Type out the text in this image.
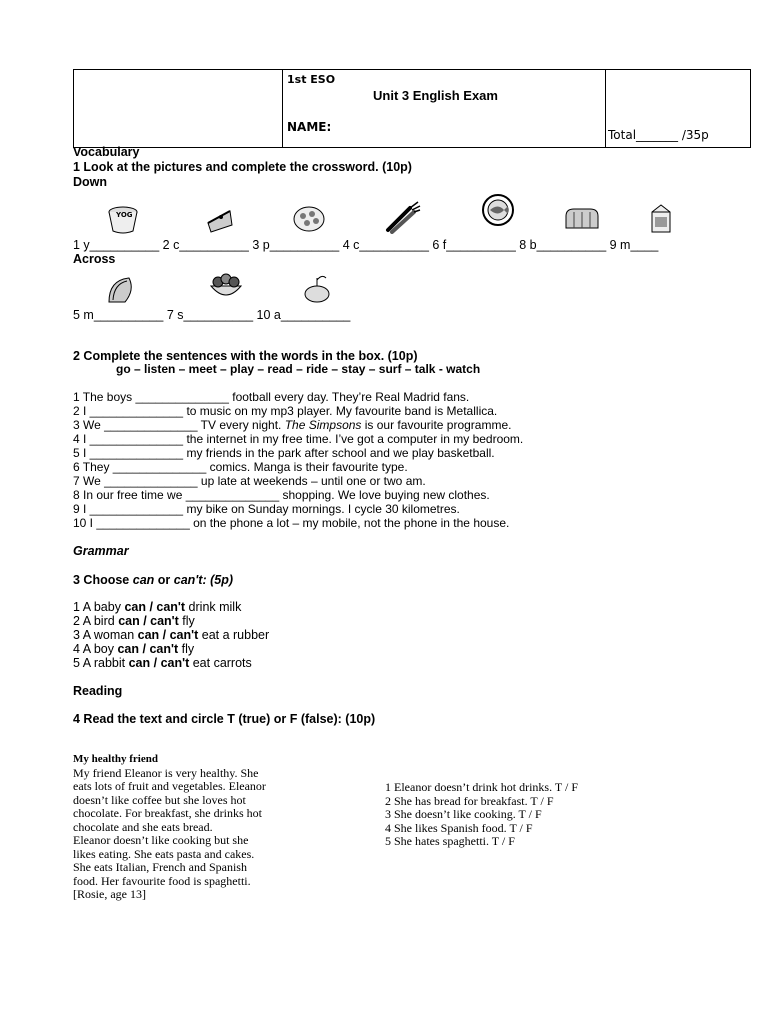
1st ESO
Unit 3 English Exam
NAME:
Total_______ /35p
Vocabulary
1 Look at the pictures and complete the crossword. (10p)
Down
YOG
1 y__________ 2 c__________ 3 p__________ 4 c__________ 6 f__________ 8 b__________ 9 m____
Across
5 m__________ 7 s__________ 10 a__________
2 Complete the sentences with the words in the box. (10p)
go – listen – meet – play – read – ride – stay – surf – talk - watch
1 The boys ______________ football every day. They’re Real Madrid fans.
2 I ______________ to music on my mp3 player. My favourite band is Metallica.
3 We ______________ TV every night. The Simpsons is our favourite programme.
4 I ______________ the internet in my free time. I’ve got a computer in my bedroom.
5 I ______________ my friends in the park after school and we play basketball.
6 They ______________ comics. Manga is their favourite type.
7 We ______________ up late at weekends – until one or two am.
8 In our free time we ______________ shopping. We love buying new clothes.
9 I ______________ my bike on Sunday mornings. I cycle 30 kilometres.
10 I ______________ on the phone a lot – my mobile, not the phone in the house.
Grammar
3 Choose can or can't: (5p)
1 A baby can / can't drink milk
2 A bird can / can't fly
3 A woman can / can't eat a rubber
4 A boy can / can't fly
5 A rabbit can / can't eat carrots
Reading
4 Read the text and circle T (true) or F (false): (10p)
My healthy friend
My friend Eleanor is very healthy. She
eats lots of fruit and vegetables. Eleanor
doesn’t like coffee but she loves hot
chocolate. For breakfast, she drinks hot
chocolate and she eats bread.
Eleanor doesn’t like cooking but she
likes eating. She eats pasta and cakes.
She eats Italian, French and Spanish
food. Her favourite food is spaghetti.
[Rosie, age 13]
1 Eleanor doesn’t drink hot drinks. T / F
2 She has bread for breakfast. T / F
3 She doesn’t like cooking. T / F
4 She likes Spanish food. T / F
5 She hates spaghetti. T / F
